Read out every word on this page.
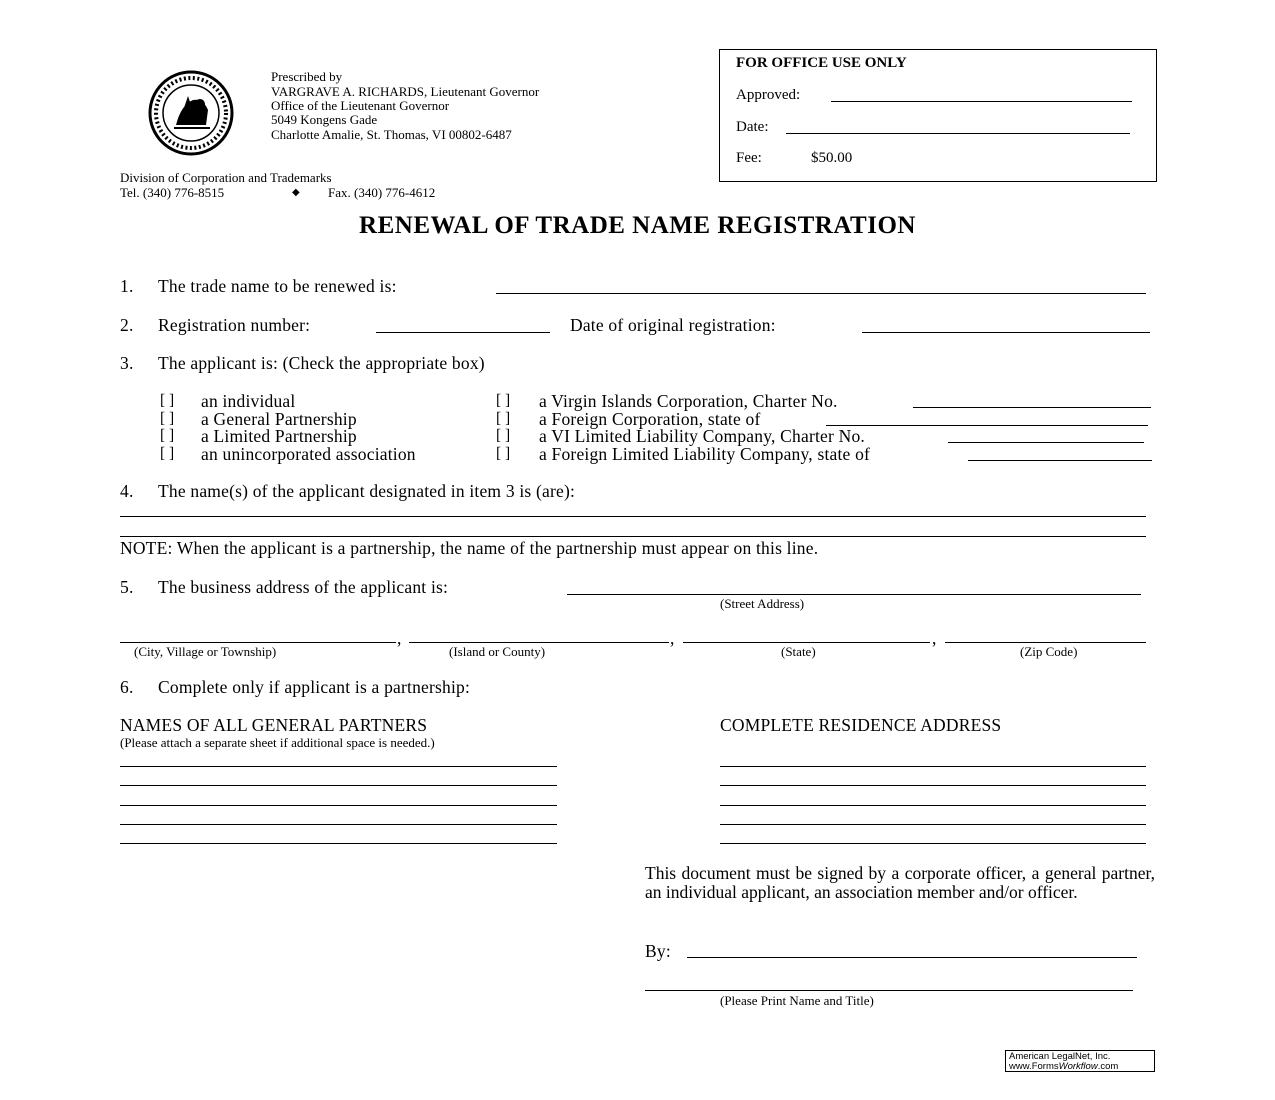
Prescribed by
VARGRAVE A. RICHARDS, Lieutenant Governor
Office of the Lieutenant Governor
5049 Kongens Gade
Charlotte Amalie, St. Thomas, VI 00802-6487
Division of Corporation and Trademarks
Tel. (340) 776-8515	◆ Fax. (340) 776-4612
FOR OFFICE USE ONLY
Approved:
Date:
Fee:	$50.00
RENEWAL OF TRADE NAME REGISTRATION
1. The trade name to be renewed is:
2. Registration number:	Date of original registration:
3. The applicant is: (Check the appropriate box)
[ ] an individual
[ ] a General Partnership
[ ] a Limited Partnership
[ ] an unincorporated association
[ ] a Virgin Islands Corporation, Charter No.
[ ] a Foreign Corporation, state of
[ ] a VI Limited Liability Company, Charter No.
[ ] a Foreign Limited Liability Company, state of
4. The name(s) of the applicant designated in item 3 is (are):
NOTE: When the applicant is a partnership, the name of the partnership must appear on this line.
5. The business address of the applicant is:
(Street Address)
,	,	,
(City, Village or Township)	(Island or County)	(State)	(Zip Code)
6. Complete only if applicant is a partnership:
NAMES OF ALL GENERAL PARTNERS
(Please attach a separate sheet if additional space is needed.)
COMPLETE RESIDENCE ADDRESS
This document must be signed by a corporate officer, a general partner, an individual applicant, an association member and/or officer.
By:
(Please Print Name and Title)
American LegalNet, Inc.
www.FormsWorkflow.com
